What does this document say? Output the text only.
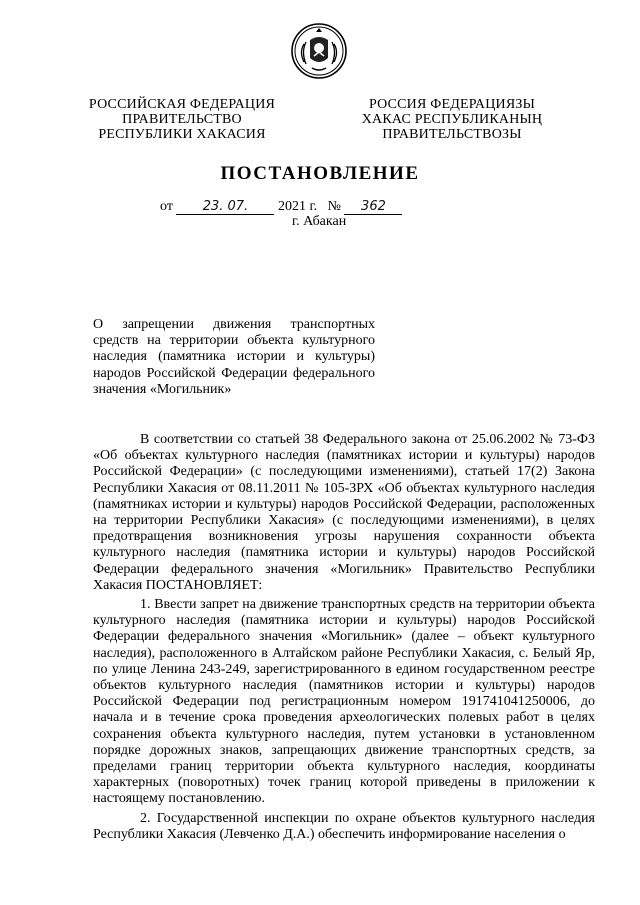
РОССИЙСКАЯ ФЕДЕРАЦИЯ
ПРАВИТЕЛЬСТВО
РЕСПУБЛИКИ ХАКАСИЯ
РОССИЯ ФЕДЕРАЦИЯЗЫ
ХАКАС РЕСПУБЛИКАНЫҢ
ПРАВИТЕЛЬСТВОЗЫ
ПОСТАНОВЛЕНИЕ
от 23. 07. 2021 г. № 362
г. Абакан
О запрещении движения транспортных средств на территории объекта культурного наследия (памятника истории и культуры) народов Российской Федерации федерального значения «Могильник»

В соответствии со статьей 38 Федерального закона от 25.06.2002 № 73-ФЗ «Об объектах культурного наследия (памятниках истории и культуры) народов Российской Федерации» (с последующими изменениями), статьей 17(2) Закона Республики Хакасия от 08.11.2011 № 105-ЗРХ «Об объектах культурного наследия (памятниках истории и культуры) народов Российской Федерации, расположенных на территории Республики Хакасия» (с последующими изменениями), в целях предотвращения возникновения угрозы нарушения сохранности объекта культурного наследия (памятника истории и культуры) народов Российской Федерации федерального значения «Могильник» Правительство Республики Хакасия ПОСТАНОВЛЯЕТ:

1. Ввести запрет на движение транспортных средств на территории объекта культурного наследия (памятника истории и культуры) народов Российской Федерации федерального значения «Могильник» (далее – объект культурного наследия), расположенного в Алтайском районе Республики Хакасия, с. Белый Яр, по улице Ленина 243-249, зарегистрированного в едином государственном реестре объектов культурного наследия (памятников истории и культуры) народов Российской Федерации под регистрационным номером 191741041250006, до начала и в течение срока проведения археологических полевых работ в целях сохранения объекта культурного наследия, путем установки в установленном порядке дорожных знаков, запрещающих движение транспортных средств, за пределами границ территории объекта культурного наследия, координаты характерных (поворотных) точек границ которой приведены в приложении к настоящему постановлению.

2. Государственной инспекции по охране объектов культурного наследия Республики Хакасия (Левченко Д.А.) обеспечить информирование населения о
